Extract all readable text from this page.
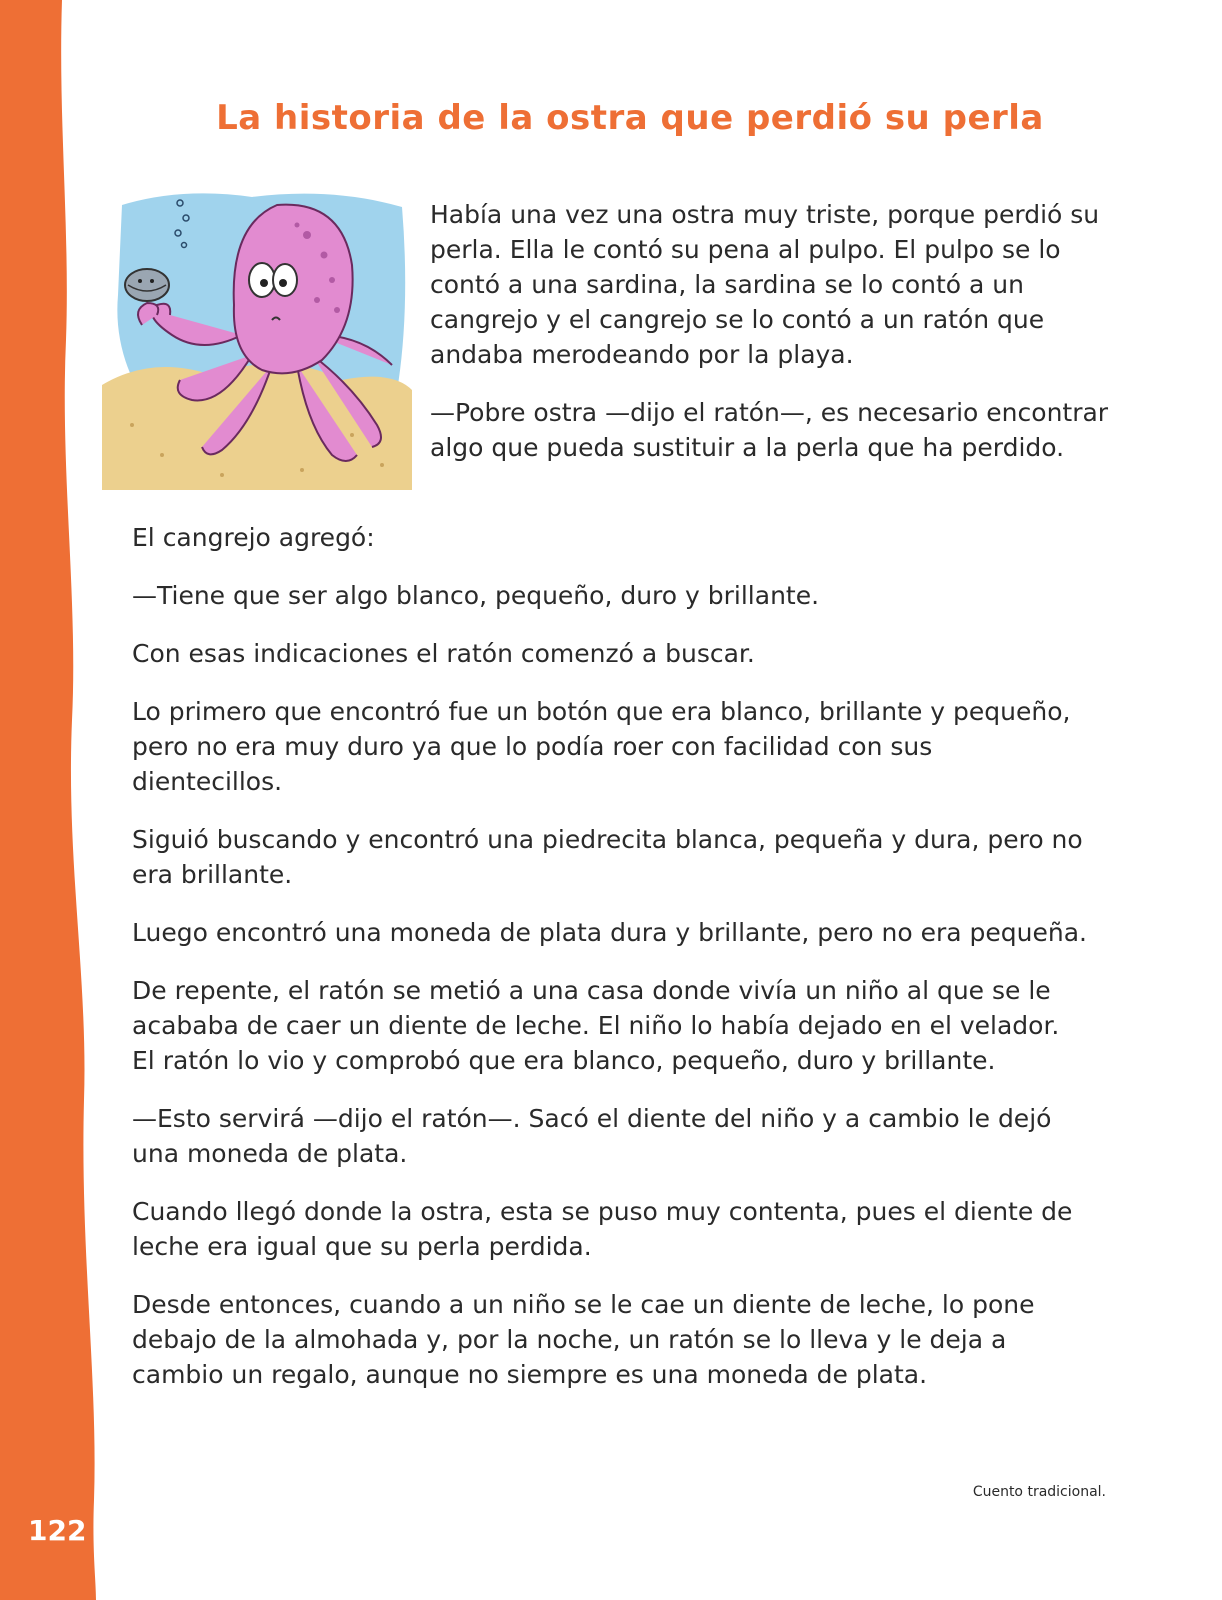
122
La historia de la ostra que perdió su perla

Había una vez una ostra muy triste, porque perdió su perla. Ella le contó su pena al pulpo. El pulpo se lo contó a una sardina, la sardina se lo contó a un cangrejo y el cangrejo se lo contó a un ratón que andaba merodeando por la playa.

—Pobre ostra —dijo el ratón—, es necesario encontrar algo que pueda sustituir a la perla que ha perdido.

El cangrejo agregó:

—Tiene que ser algo blanco, pequeño, duro y brillante.

Con esas indicaciones el ratón comenzó a buscar.

Lo primero que encontró fue un botón que era blanco, brillante y pequeño, pero no era muy duro ya que lo podía roer con facilidad con sus dientecillos.

Siguió buscando y encontró una piedrecita blanca, pequeña y dura, pero no era brillante.

Luego encontró una moneda de plata dura y brillante, pero no era pequeña.

De repente, el ratón se metió a una casa donde vivía un niño al que se le acababa de caer un diente de leche. El niño lo había dejado en el velador. El ratón lo vio y comprobó que era blanco, pequeño, duro y brillante.

—Esto servirá —dijo el ratón—. Sacó el diente del niño y a cambio le dejó una moneda de plata.

Cuando llegó donde la ostra, esta se puso muy contenta, pues el diente de leche era igual que su perla perdida.

Desde entonces, cuando a un niño se le cae un diente de leche, lo pone debajo de la almohada y, por la noche, un ratón se lo lleva y le deja a cambio un regalo, aunque no siempre es una moneda de plata.

Cuento tradicional.
